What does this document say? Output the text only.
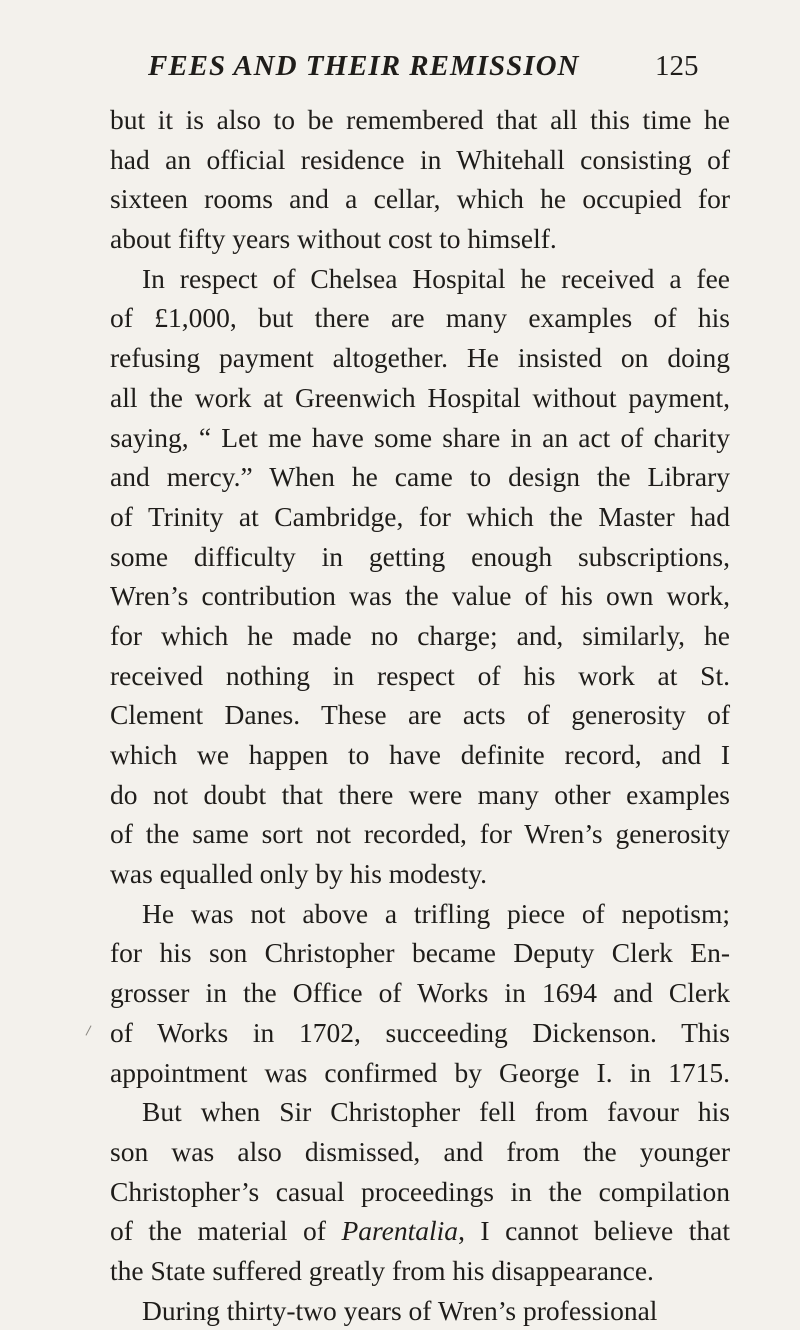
FEES AND THEIR REMISSION	125
but it is also to be remembered that all this time he
had an official residence in Whitehall consisting of
sixteen rooms and a cellar, which he occupied for
about fifty years without cost to himself.
In respect of Chelsea Hospital he received a fee
of £1,000, but there are many examples of his
refusing payment altogether. He insisted on doing
all the work at Greenwich Hospital without payment,
saying, “ Let me have some share in an act of charity
and mercy.” When he came to design the Library
of Trinity at Cambridge, for which the Master had
some difficulty in getting enough subscriptions,
Wren’s contribution was the value of his own work,
for which he made no charge; and, similarly, he
received nothing in respect of his work at St.
Clement Danes. These are acts of generosity of
which we happen to have definite record, and I
do not doubt that there were many other examples
of the same sort not recorded, for Wren’s generosity
was equalled only by his modesty.
He was not above a trifling piece of nepotism;
for his son Christopher became Deputy Clerk En-
grosser in the Office of Works in 1694 and Clerk
of Works in 1702, succeeding Dickenson. This
appointment was confirmed by George I. in 1715.
But when Sir Christopher fell from favour his
son was also dismissed, and from the younger
Christopher’s casual proceedings in the compilation
of the material of Parentalia, I cannot believe that
the State suffered greatly from his disappearance.
During thirty-two years of Wren’s professional
